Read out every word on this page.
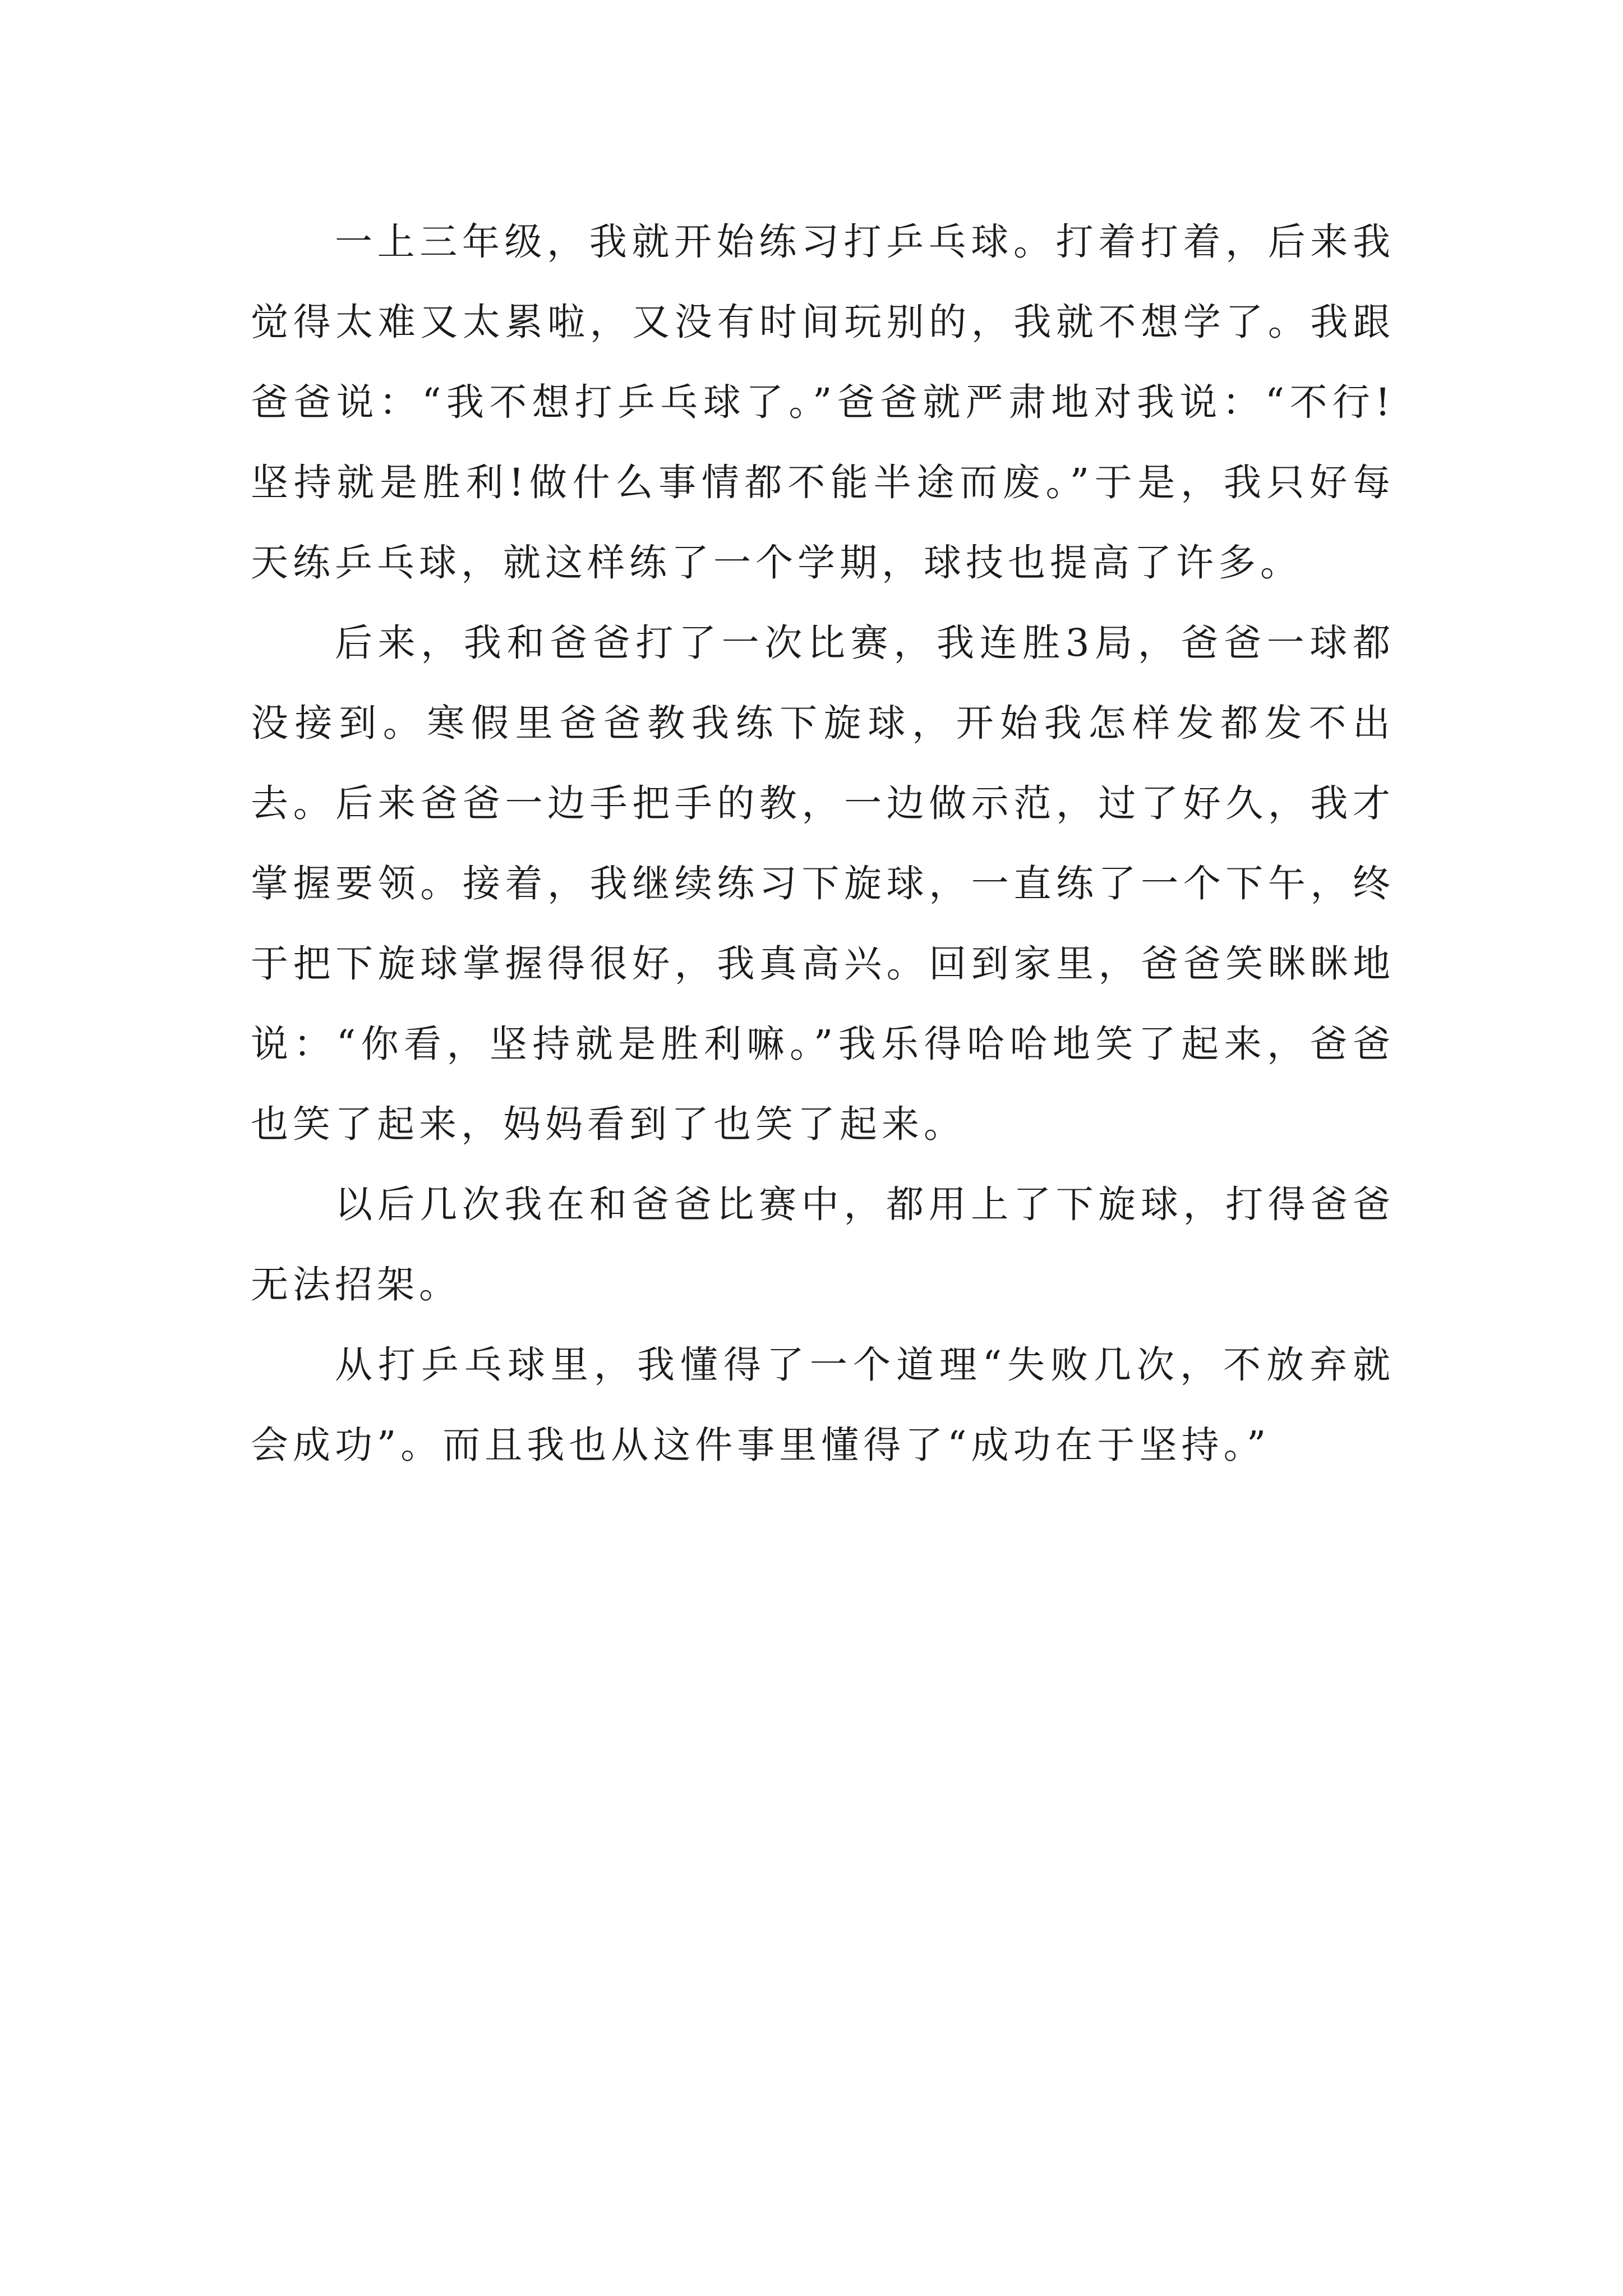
一上三年级，我就开始练习打乒乓球。打着打着，后来我觉得太难又太累啦，又没有时间玩别的，我就不想学了。我跟爸爸说：“我不想打乒乓球了。”爸爸就严肃地对我说：“不行!坚持就是胜利!做什么事情都不能半途而废。”于是，我只好每天练乒乓球，就这样练了一个学期，球技也提高了许多。

后来，我和爸爸打了一次比赛，我连胜3局，爸爸一球都没接到。寒假里爸爸教我练下旋球，开始我怎样发都发不出去。后来爸爸一边手把手的教，一边做示范，过了好久，我才掌握要领。接着，我继续练习下旋球，一直练了一个下午，终于把下旋球掌握得很好，我真高兴。回到家里，爸爸笑眯眯地说：“你看，坚持就是胜利嘛。”我乐得哈哈地笑了起来，爸爸也笑了起来，妈妈看到了也笑了起来。

以后几次我在和爸爸比赛中，都用上了下旋球，打得爸爸无法招架。

从打乒乓球里，我懂得了一个道理“失败几次，不放弃就会成功”。而且我也从这件事里懂得了“成功在于坚持。”
